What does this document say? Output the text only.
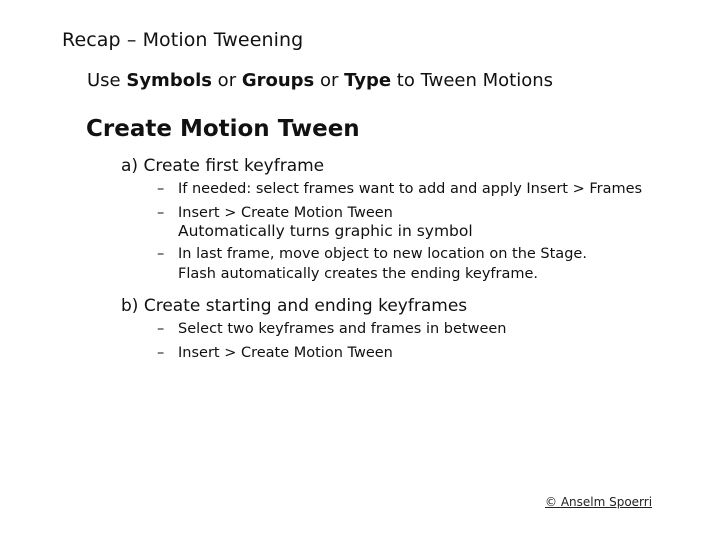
Recap – Motion Tweening
Use Symbols or Groups or Type to Tween Motions
Create Motion Tween
a) Create first keyframe
– If needed: select frames want to add and apply Insert > Frames
– Insert > Create Motion Tween
Automatically turns graphic in symbol
– In last frame, move object to new location on the Stage.
Flash automatically creates the ending keyframe.
b) Create starting and ending keyframes
– Select two keyframes and frames in between
– Insert > Create Motion Tween
© Anselm Spoerri
